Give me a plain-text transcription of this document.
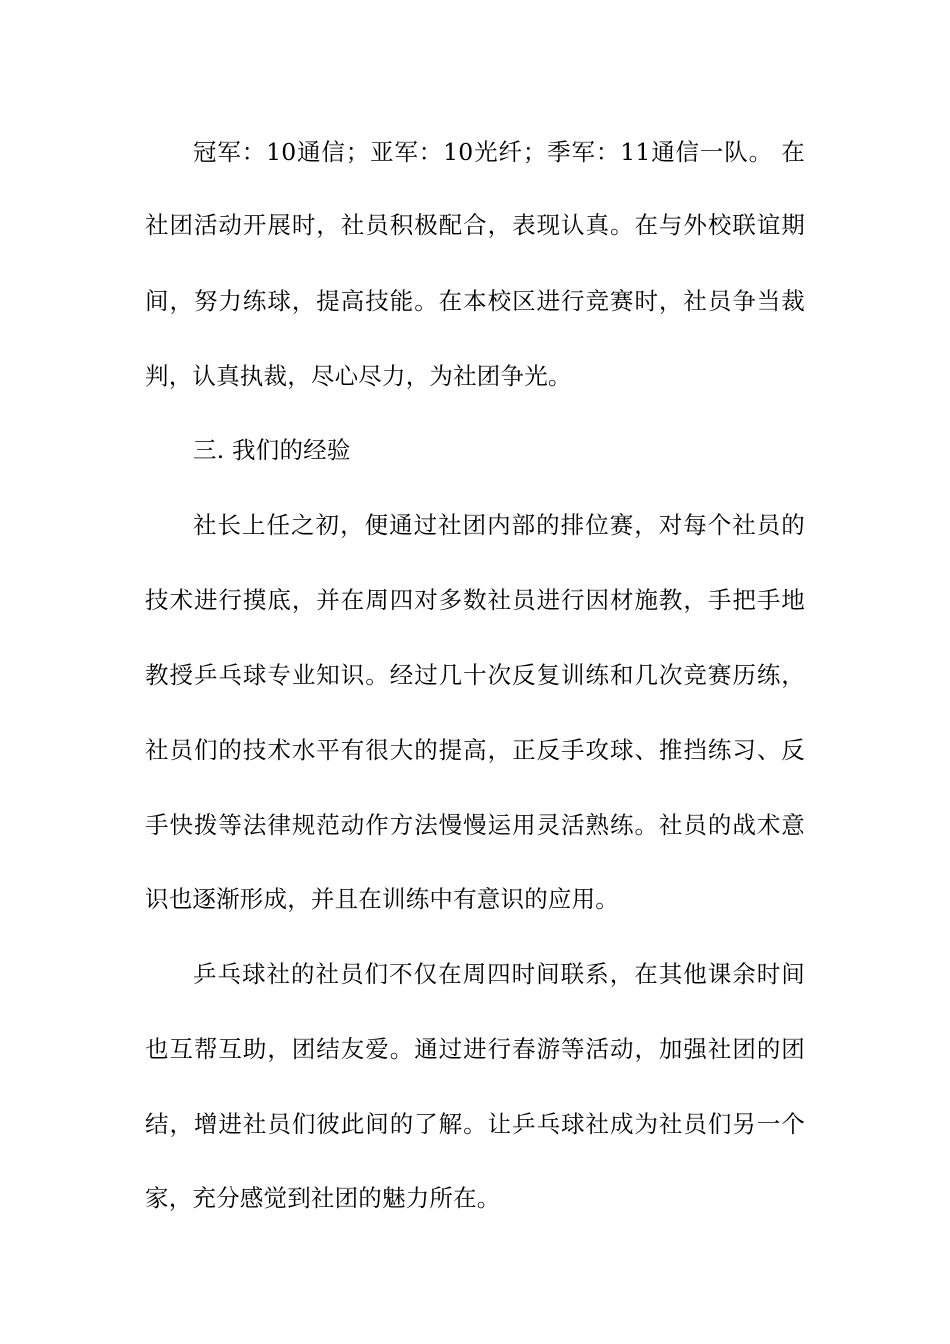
冠军：10通信；亚军：10光纤；季军：11通信一队。 在
社团活动开展时，社员积极配合，表现认真。在与外校联谊期
间，努力练球，提高技能。在本校区进行竞赛时，社员争当裁
判，认真执裁，尽心尽力，为社团争光。
三. 我们的经验
社长上任之初，便通过社团内部的排位赛，对每个社员的
技术进行摸底，并在周四对多数社员进行因材施教，手把手地
教授乒乓球专业知识。经过几十次反复训练和几次竞赛历练，
社员们的技术水平有很大的提高，正反手攻球、推挡练习、反
手快拨等法律规范动作方法慢慢运用灵活熟练。社员的战术意
识也逐渐形成，并且在训练中有意识的应用。
乒乓球社的社员们不仅在周四时间联系，在其他课余时间
也互帮互助，团结友爱。通过进行春游等活动，加强社团的团
结，增进社员们彼此间的了解。让乒乓球社成为社员们另一个
家，充分感觉到社团的魅力所在。
